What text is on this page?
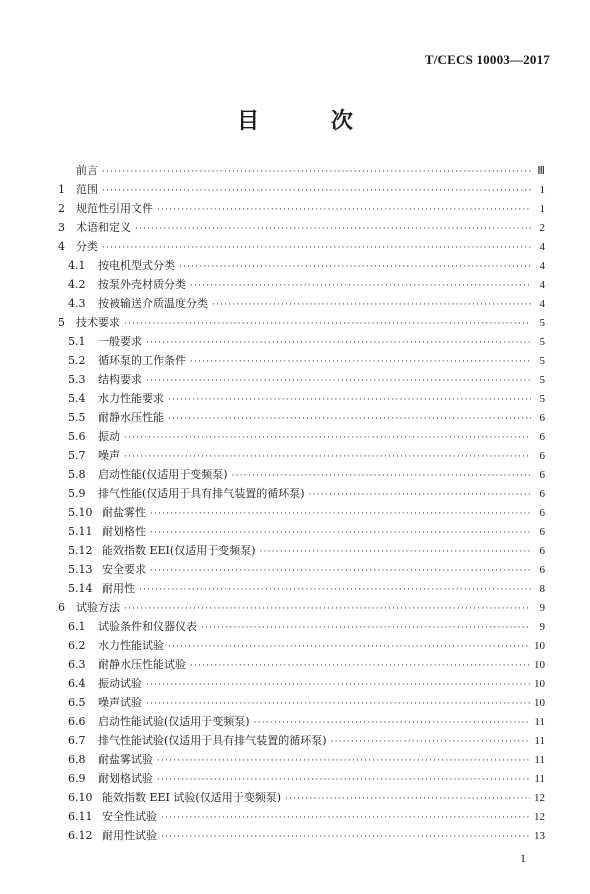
T/CECS 10003—2017
目 次
前言 ·····	Ⅲ
1	范围 ·····	1
2	规范性引用文件 ·····	1
3	术语和定义 ·····	2
4	分类 ·····	4
4.1	按电机型式分类 ·····	4
4.2	按泵外壳材质分类 ·····	4
4.3	按被输送介质温度分类 ·····	4
5	技术要求 ·····	5
5.1	一般要求 ·····	5
5.2	循环泵的工作条件 ·····	5
5.3	结构要求 ·····	5
5.4	水力性能要求 ·····	5
5.5	耐静水压性能 ·····	6
5.6	振动 ·····	6
5.7	噪声 ·····	6
5.8	启动性能(仅适用于变频泵) ·····	6
5.9	排气性能(仅适用于具有排气装置的循环泵) ·····	6
5.10 耐盐雾性 ·····	6
5.11 耐划格性 ·····	6
5.12 能效指数 EEI(仅适用于变频泵) ·····	6
5.13 安全要求 ·····	6
5.14 耐用性 ·····	8
6	试验方法 ·····	9
6.1	试验条件和仪器仪表 ·····	9
6.2	水力性能试验 ·····	10
6.3	耐静水压性能试验 ·····	10
6.4	振动试验 ·····	10
6.5	噪声试验 ·····	10
6.6	启动性能试验(仅适用于变频泵) ·····	11
6.7	排气性能试验(仅适用于具有排气装置的循环泵) ·····	11
6.8	耐盐雾试验 ·····	11
6.9	耐划格试验 ·····	11
6.10 能效指数 EEI 试验(仅适用于变频泵) ·····	12
6.11 安全性试验 ·····	12
6.12 耐用性试验 ·····	13
1
